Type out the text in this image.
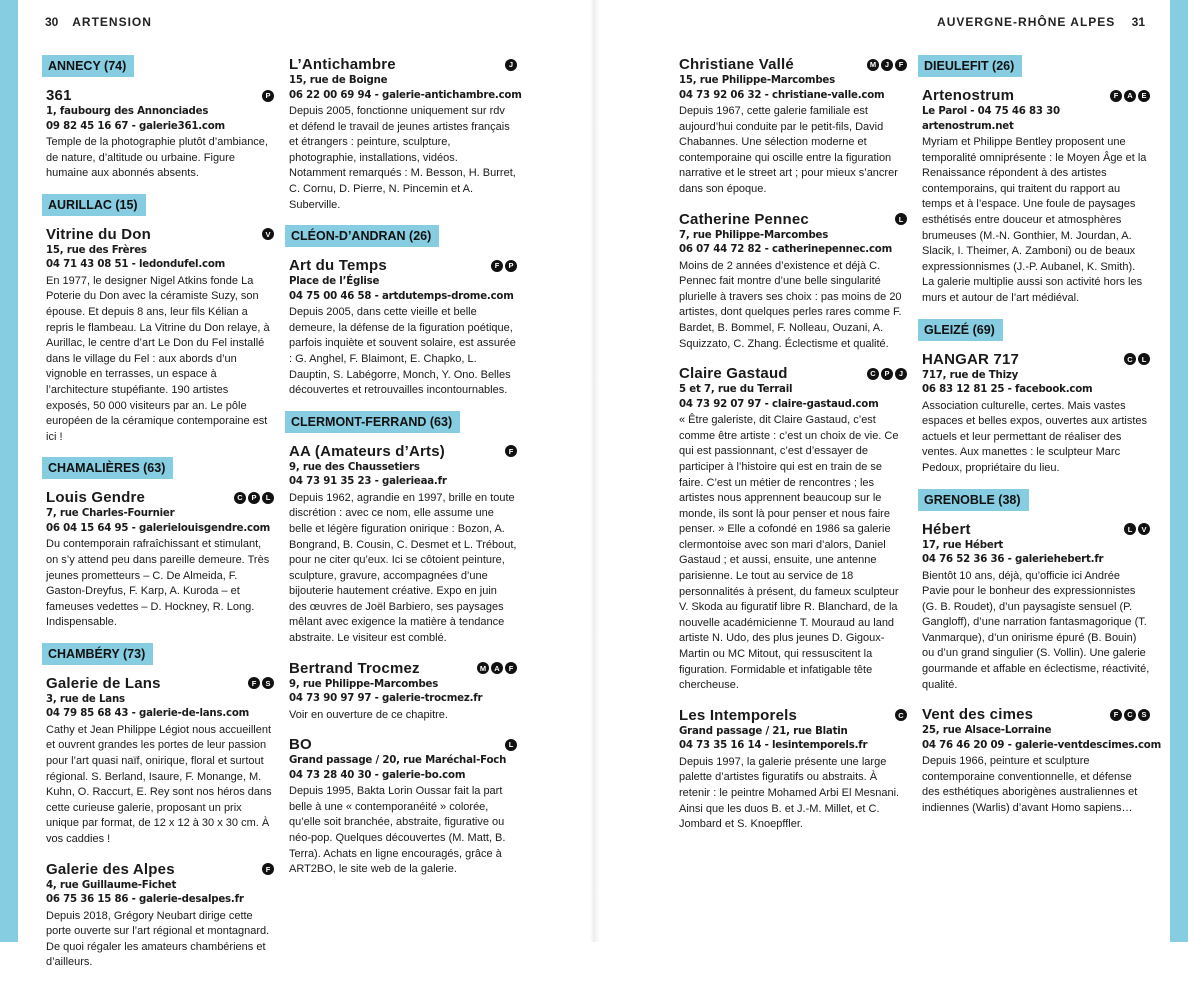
30 ARTENSION	AUVERGNE-RHÔNE ALPES 31
ANNECY (74)
361	P
1, faubourg des Annonciades
09 82 45 16 67 - galerie361.com
Temple de la photographie plutôt d’ambiance, de nature, d’altitude ou urbaine. Figure humaine aux abonnés absents.
AURILLAC (15)
Vitrine du Don	V
15, rue des Frères
04 71 43 08 51 - ledondufel.com
En 1977, le designer Nigel Atkins fonde La Poterie du Don avec la céramiste Suzy, son épouse. Et depuis 8 ans, leur fils Kélian a repris le flambeau. La Vitrine du Don relaye, à Aurillac, le centre d’art Le Don du Fel installé dans le village du Fel : aux abords d’un vignoble en terrasses, un espace à l’architecture stupéfiante. 190 artistes exposés, 50 000 visiteurs par an. Le pôle européen de la céramique contemporaine est ici !
CHAMALIÈRES (63)
Louis Gendre	C	P	L
7, rue Charles-Fournier
06 04 15 64 95 - galerielouisgendre.com
Du contemporain rafraîchissant et stimulant, on s’y attend peu dans pareille demeure. Très jeunes prometteurs – C. De Almeida, F. Gaston-Dreyfus, F. Karp, A. Kuroda – et fameuses vedettes – D. Hockney, R. Long. Indispensable.
CHAMBÉRY (73)
Galerie de Lans	F	S
3, rue de Lans
04 79 85 68 43 - galerie-de-lans.com
Cathy et Jean Philippe Légiot nous accueillent et ouvrent grandes les portes de leur passion pour l’art quasi naïf, onirique, floral et surtout régional. S. Berland, Isaure, F. Monange, M. Kuhn, O. Raccurt, E. Rey sont nos héros dans cette curieuse galerie, proposant un prix unique par format, de 12 x 12 à 30 x 30 cm. À vos caddies !
Galerie des Alpes	F
4, rue Guillaume-Fichet
06 75 36 15 86 - galerie-desalpes.fr
Depuis 2018, Grégory Neubart dirige cette porte ouverte sur l’art régional et montagnard. De quoi régaler les amateurs chambériens et d’ailleurs.
L’Antichambre	J
15, rue de Boigne
06 22 00 69 94 - galerie-antichambre.com
Depuis 2005, fonctionne uniquement sur rdv et défend le travail de jeunes artistes français et étrangers : peinture, sculpture, photographie, installations, vidéos. Notamment remarqués : M. Besson, H. Burret, C. Cornu, D. Pierre, N. Pincemin et A. Suberville.
CLÉON-D’ANDRAN (26)
Art du Temps	F	P
Place de l’Église
04 75 00 46 58 - artdutemps-drome.com
Depuis 2005, dans cette vieille et belle demeure, la défense de la figuration poétique, parfois inquiète et souvent solaire, est assurée : G. Anghel, F. Blaimont, E. Chapko, L. Dauptin, S. Labégorre, Monch, Y. Ono. Belles découvertes et retrouvailles incontournables.
CLERMONT-FERRAND (63)
AA (Amateurs d’Arts)	F
9, rue des Chaussetiers
04 73 91 35 23 - galerieaa.fr
Depuis 1962, agrandie en 1997, brille en toute discrétion : avec ce nom, elle assume une belle et légère figuration onirique : Bozon, A. Bongrand, B. Cousin, C. Desmet et L. Trébout, pour ne citer qu’eux. Ici se côtoient peinture, sculpture, gravure, accompagnées d’une bijouterie hautement créative. Expo en juin des œuvres de Joël Barbiero, ses paysages mêlant avec exigence la matière à tendance abstraite. Le visiteur est comblé.
Bertrand Trocmez	M	A	F
9, rue Philippe-Marcombes
04 73 90 97 97 - galerie-trocmez.fr
Voir en ouverture de ce chapitre.
BO	L
Grand passage / 20, rue Maréchal-Foch
04 73 28 40 30 - galerie-bo.com
Depuis 1995, Bakta Lorin Oussar fait la part belle à une « contemporanéité » colorée, qu’elle soit branchée, abstraite, figurative ou néo-pop. Quelques découvertes (M. Matt, B. Terra). Achats en ligne encouragés, grâce à ART2BO, le site web de la galerie.
Christiane Vallé	M	J	F
15, rue Philippe-Marcombes
04 73 92 06 32 - christiane-valle.com
Depuis 1967, cette galerie familiale est aujourd’hui conduite par le petit-fils, David Chabannes. Une sélection moderne et contemporaine qui oscille entre la figuration narrative et le street art ; pour mieux s’ancrer dans son époque.
Catherine Pennec	L
7, rue Philippe-Marcombes
06 07 44 72 82 - catherinepennec.com
Moins de 2 années d’existence et déjà C. Pennec fait montre d’une belle singularité plurielle à travers ses choix : pas moins de 20 artistes, dont quelques perles rares comme F. Bardet, B. Bommel, F. Nolleau, Ouzani, A. Squizzato, C. Zhang. Éclectisme et qualité.
Claire Gastaud	C	P	J
5 et 7, rue du Terrail
04 73 92 07 97 - claire-gastaud.com
« Être galeriste, dit Claire Gastaud, c’est comme être artiste : c’est un choix de vie. Ce qui est passionnant, c’est d’essayer de participer à l’histoire qui est en train de se faire. C’est un métier de rencontres ; les artistes nous apprennent beaucoup sur le monde, ils sont là pour penser et nous faire penser. » Elle a cofondé en 1986 sa galerie clermontoise avec son mari d’alors, Daniel Gastaud ; et aussi, ensuite, une antenne parisienne. Le tout au service de 18 personnalités à présent, du fameux sculpteur V. Skoda au figuratif libre R. Blanchard, de la nouvelle académicienne T. Mouraud au land artiste N. Udo, des plus jeunes D. Gigoux-Martin ou MC Mitout, qui ressuscitent la figuration. Formidable et infatigable tête chercheuse.
Les Intemporels	C
Grand passage / 21, rue Blatin
04 73 35 16 14 - lesintemporels.fr
Depuis 1997, la galerie présente une large palette d’artistes figuratifs ou abstraits. À retenir : le peintre Mohamed Arbi El Mesnani. Ainsi que les duos B. et J.-M. Millet, et C. Jombard et S. Knoepffler.
DIEULEFIT (26)
Artenostrum	F	A	E
Le Parol - 04 75 46 83 30
artenostrum.net
Myriam et Philippe Bentley proposent une temporalité omniprésente : le Moyen Âge et la Renaissance répondent à des artistes contemporains, qui traitent du rapport au temps et à l’espace. Une foule de paysages esthétisés entre douceur et atmosphères brumeuses (M.-N. Gonthier, M. Jourdan, A. Slacik, I. Theimer, A. Zamboni) ou de beaux expressionnismes (J.-P. Aubanel, K. Smith). La galerie multiplie aussi son activité hors les murs et autour de l’art médiéval.
GLEIZÉ (69)
HANGAR 717	C	L
717, rue de Thizy
06 83 12 81 25 - facebook.com
Association culturelle, certes. Mais vastes espaces et belles expos, ouvertes aux artistes actuels et leur permettant de réaliser des ventes. Aux manettes : le sculpteur Marc Pedoux, propriétaire du lieu.
GRENOBLE (38)
Hébert	L	V
17, rue Hébert
04 76 52 36 36 - galeriehebert.fr
Bientôt 10 ans, déjà, qu’officie ici Andrée Pavie pour le bonheur des expressionnistes (G. B. Roudet), d’un paysagiste sensuel (P. Gangloff), d’une narration fantasmagorique (T. Vanmarque), d’un onirisme épuré (B. Bouin) ou d’un grand singulier (S. Vollin). Une galerie gourmande et affable en éclectisme, réactivité, qualité.
Vent des cimes	F	C	S
25, rue Alsace-Lorraine
04 76 46 20 09 - galerie-ventdescimes.com
Depuis 1966, peinture et sculpture contemporaine conventionnelle, et défense des esthétiques aborigènes australiennes et indiennes (Warlis) d’avant Homo sapiens…
